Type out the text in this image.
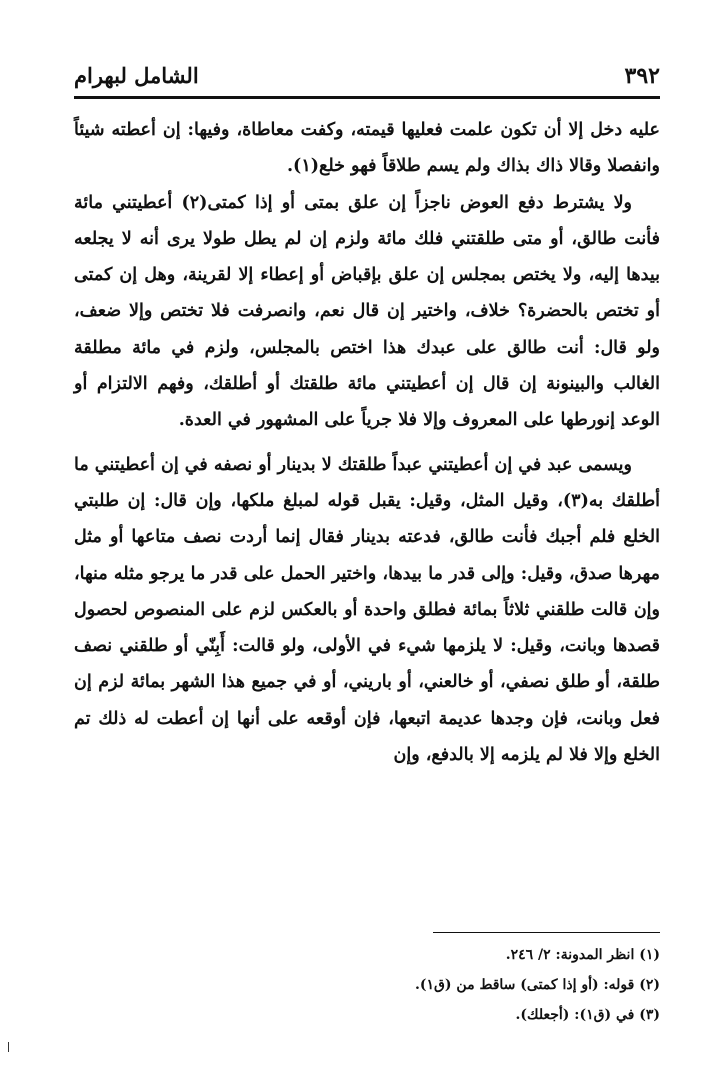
٣٩٢
الشامل لبهرام

عليه دخل إلا أن تكون علمت فعليها قيمته، وكفت معاطاة، وفيها: إن أعطته شيئاً وانفصلا وقالا ذاك بذاك ولم يسم طلاقاً فهو خلع(١).

ولا يشترط دفع العوض ناجزاً إن علق بمتى أو إذا كمتى(٢) أعطيتني مائة فأنت طالق، أو متى طلقتني فلك مائة ولزم إن لم يطل طولا يرى أنه لا يجلعه بيدها إليه، ولا يختص بمجلس إن علق بإقباض أو إعطاء إلا لقرينة، وهل إن كمتى أو تختص بالحضرة؟ خلاف، واختير إن قال نعم، وانصرفت فلا تختص وإلا ضعف، ولو قال: أنت طالق على عبدك هذا اختص بالمجلس، ولزم في مائة مطلقة الغالب والبينونة إن قال إن أعطيتني مائة طلقتك أو أطلقك، وفهم الالتزام أو الوعد إنورطها على المعروف وإلا فلا جرياً على المشهور في العدة.

ويسمى عبد في إن أعطيتني عبداً طلقتك لا بدينار أو نصفه في إن أعطيتني ما أطلقك به(٣)، وقيل المثل، وقيل: يقبل قوله لمبلغ ملكها، وإن قال: إن طلبتي الخلع فلم أجبك فأنت طالق، فدعته بدينار فقال إنما أردت نصف متاعها أو مثل مهرها صدق، وقيل: وإلى قدر ما بيدها، واختير الحمل على قدر ما يرجو مثله منها، وإن قالت طلقني ثلاثاً بمائة فطلق واحدة أو بالعكس لزم على المنصوص لحصول قصدها وبانت، وقيل: لا يلزمها شيء في الأولى، ولو قالت: أَبِنّي أو طلقني نصف طلقة، أو طلق نصفي، أو خالعني، أو باريني، أو في جميع هذا الشهر بمائة لزم إن فعل وبانت، فإن وجدها عديمة اتبعها، فإن أوقعه على أنها إن أعطت له ذلك تم الخلع وإلا فلا لم يلزمه إلا بالدفع، وإن

(١) انظر المدونة: ٢/ ٢٤٦.
(٢) قوله: (أو إذا كمتى) ساقط من (ق١).
(٣) في (ق١): (أجعلك).
